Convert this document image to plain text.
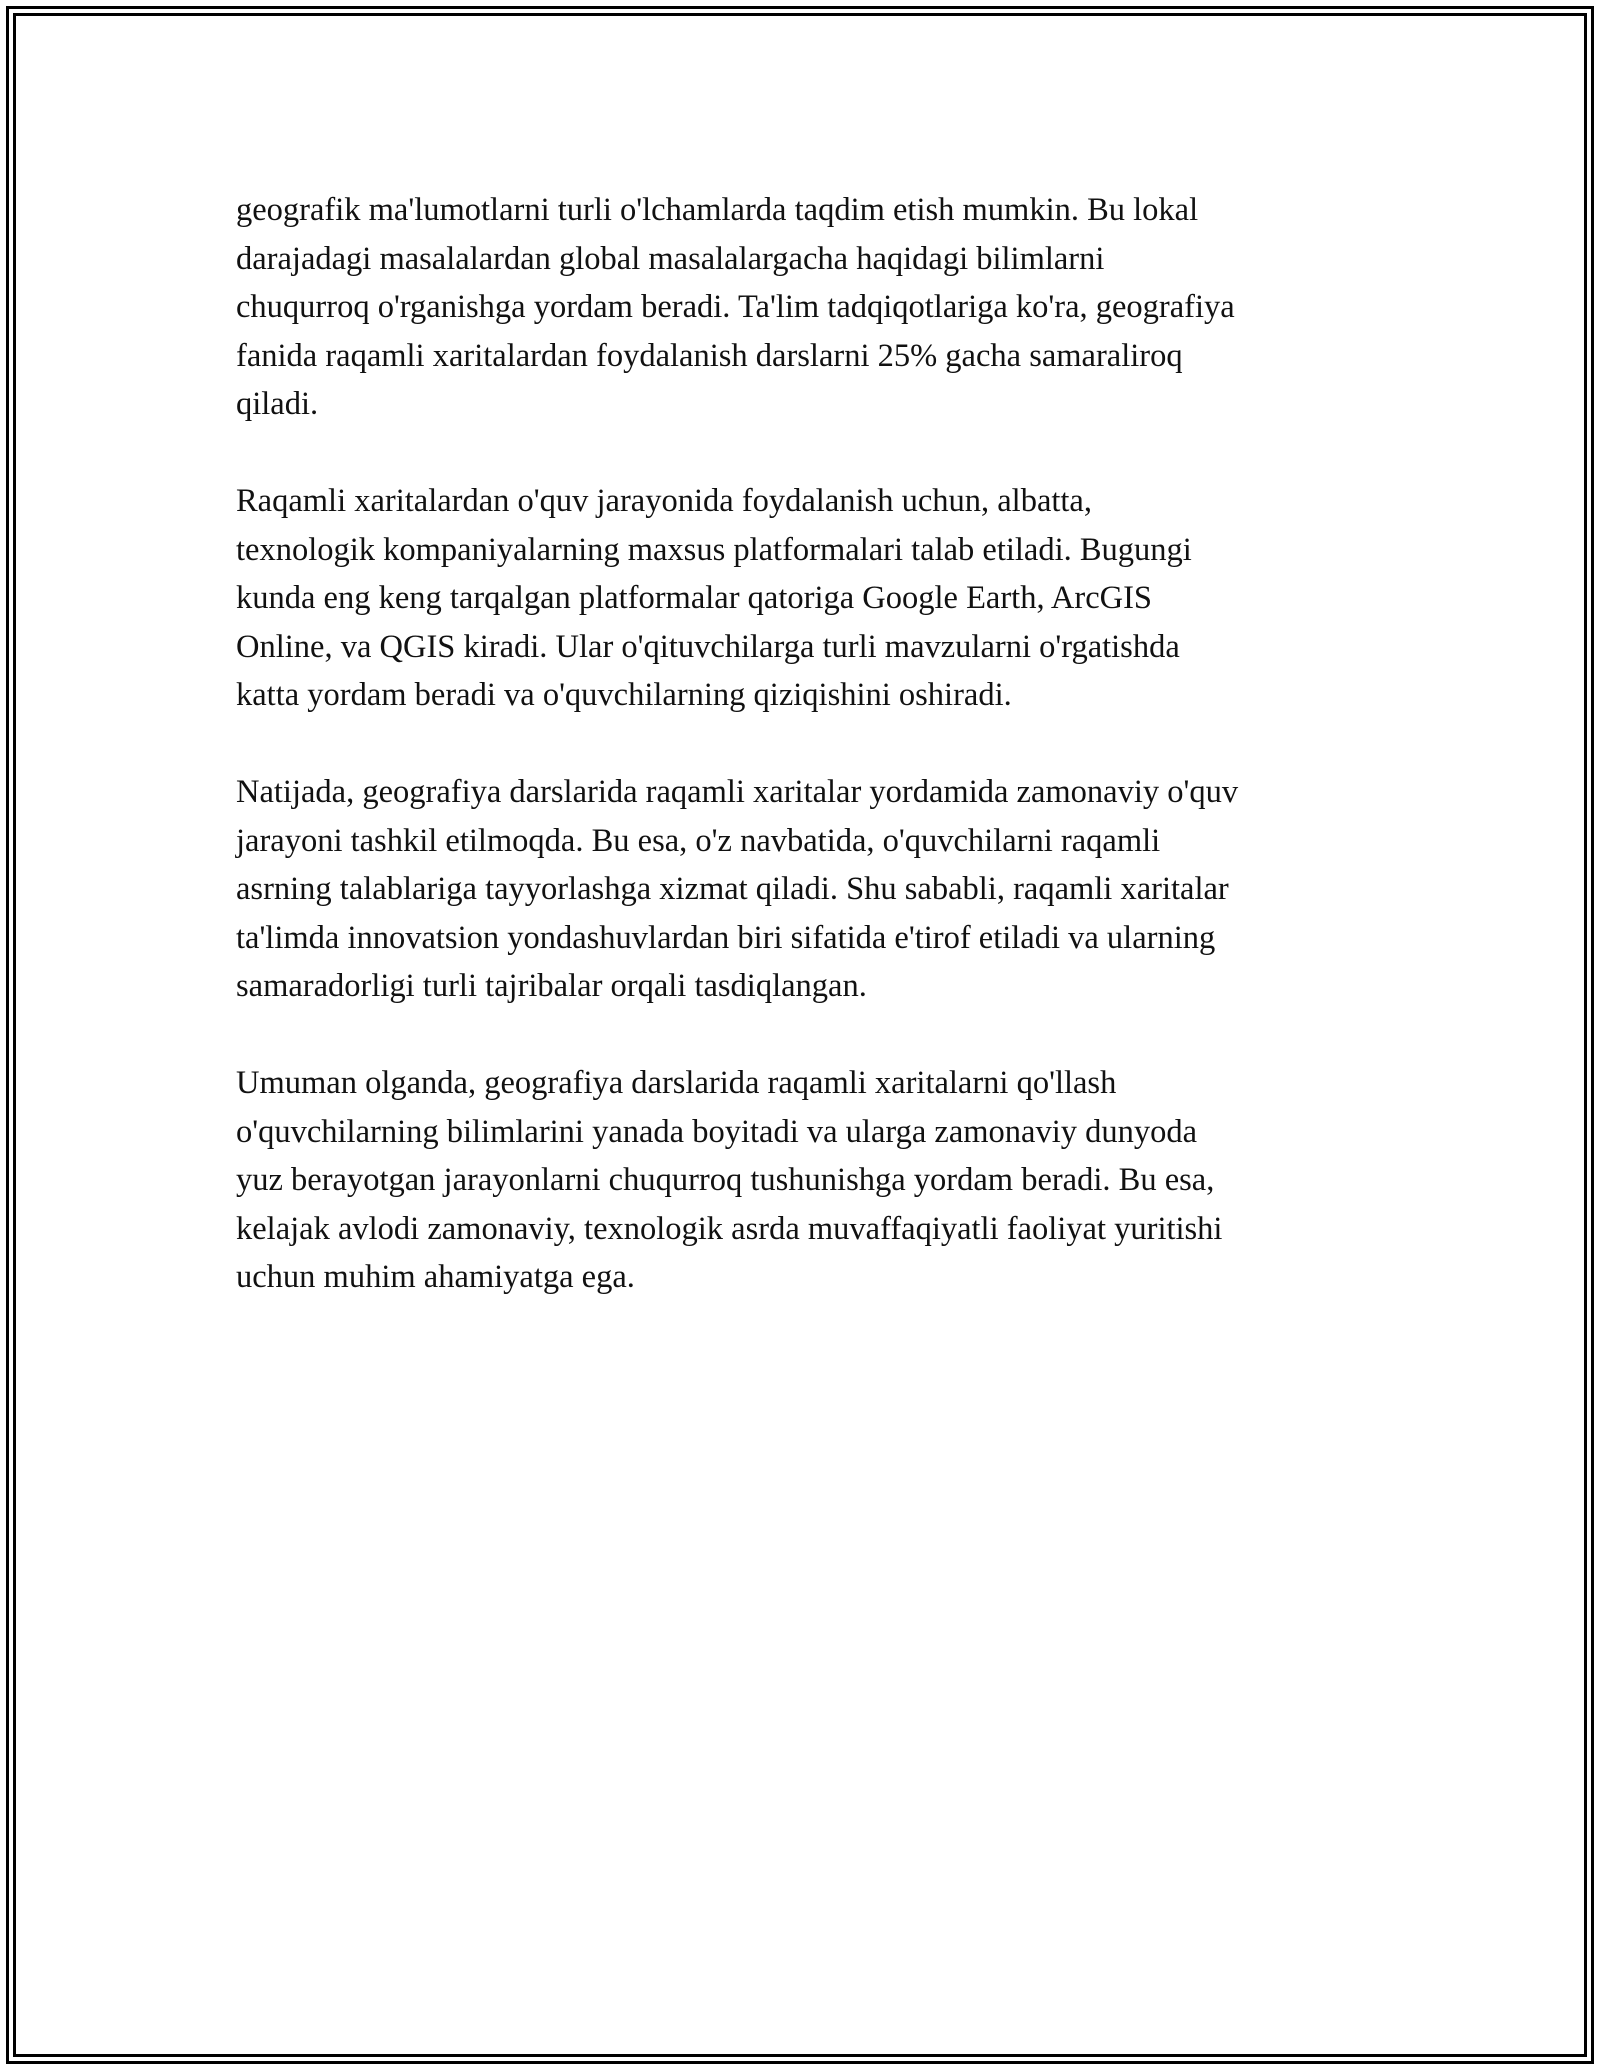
geografik ma'lumotlarni turli o'lchamlarda taqdim etish mumkin. Bu lokal
darajadagi masalalardan global masalalargacha haqidagi bilimlarni
chuqurroq o'rganishga yordam beradi. Ta'lim tadqiqotlariga ko'ra, geografiya
fanida raqamli xaritalardan foydalanish darslarni 25% gacha samaraliroq
qiladi.

Raqamli xaritalardan o'quv jarayonida foydalanish uchun, albatta,
texnologik kompaniyalarning maxsus platformalari talab etiladi. Bugungi
kunda eng keng tarqalgan platformalar qatoriga Google Earth, ArcGIS
Online, va QGIS kiradi. Ular o'qituvchilarga turli mavzularni o'rgatishda
katta yordam beradi va o'quvchilarning qiziqishini oshiradi.

Natijada, geografiya darslarida raqamli xaritalar yordamida zamonaviy o'quv
jarayoni tashkil etilmoqda. Bu esa, o'z navbatida, o'quvchilarni raqamli
asrning talablariga tayyorlashga xizmat qiladi. Shu sababli, raqamli xaritalar
ta'limda innovatsion yondashuvlardan biri sifatida e'tirof etiladi va ularning
samaradorligi turli tajribalar orqali tasdiqlangan.

Umuman olganda, geografiya darslarida raqamli xaritalarni qo'llash
o'quvchilarning bilimlarini yanada boyitadi va ularga zamonaviy dunyoda
yuz berayotgan jarayonlarni chuqurroq tushunishga yordam beradi. Bu esa,
kelajak avlodi zamonaviy, texnologik asrda muvaffaqiyatli faoliyat yuritishi
uchun muhim ahamiyatga ega.
